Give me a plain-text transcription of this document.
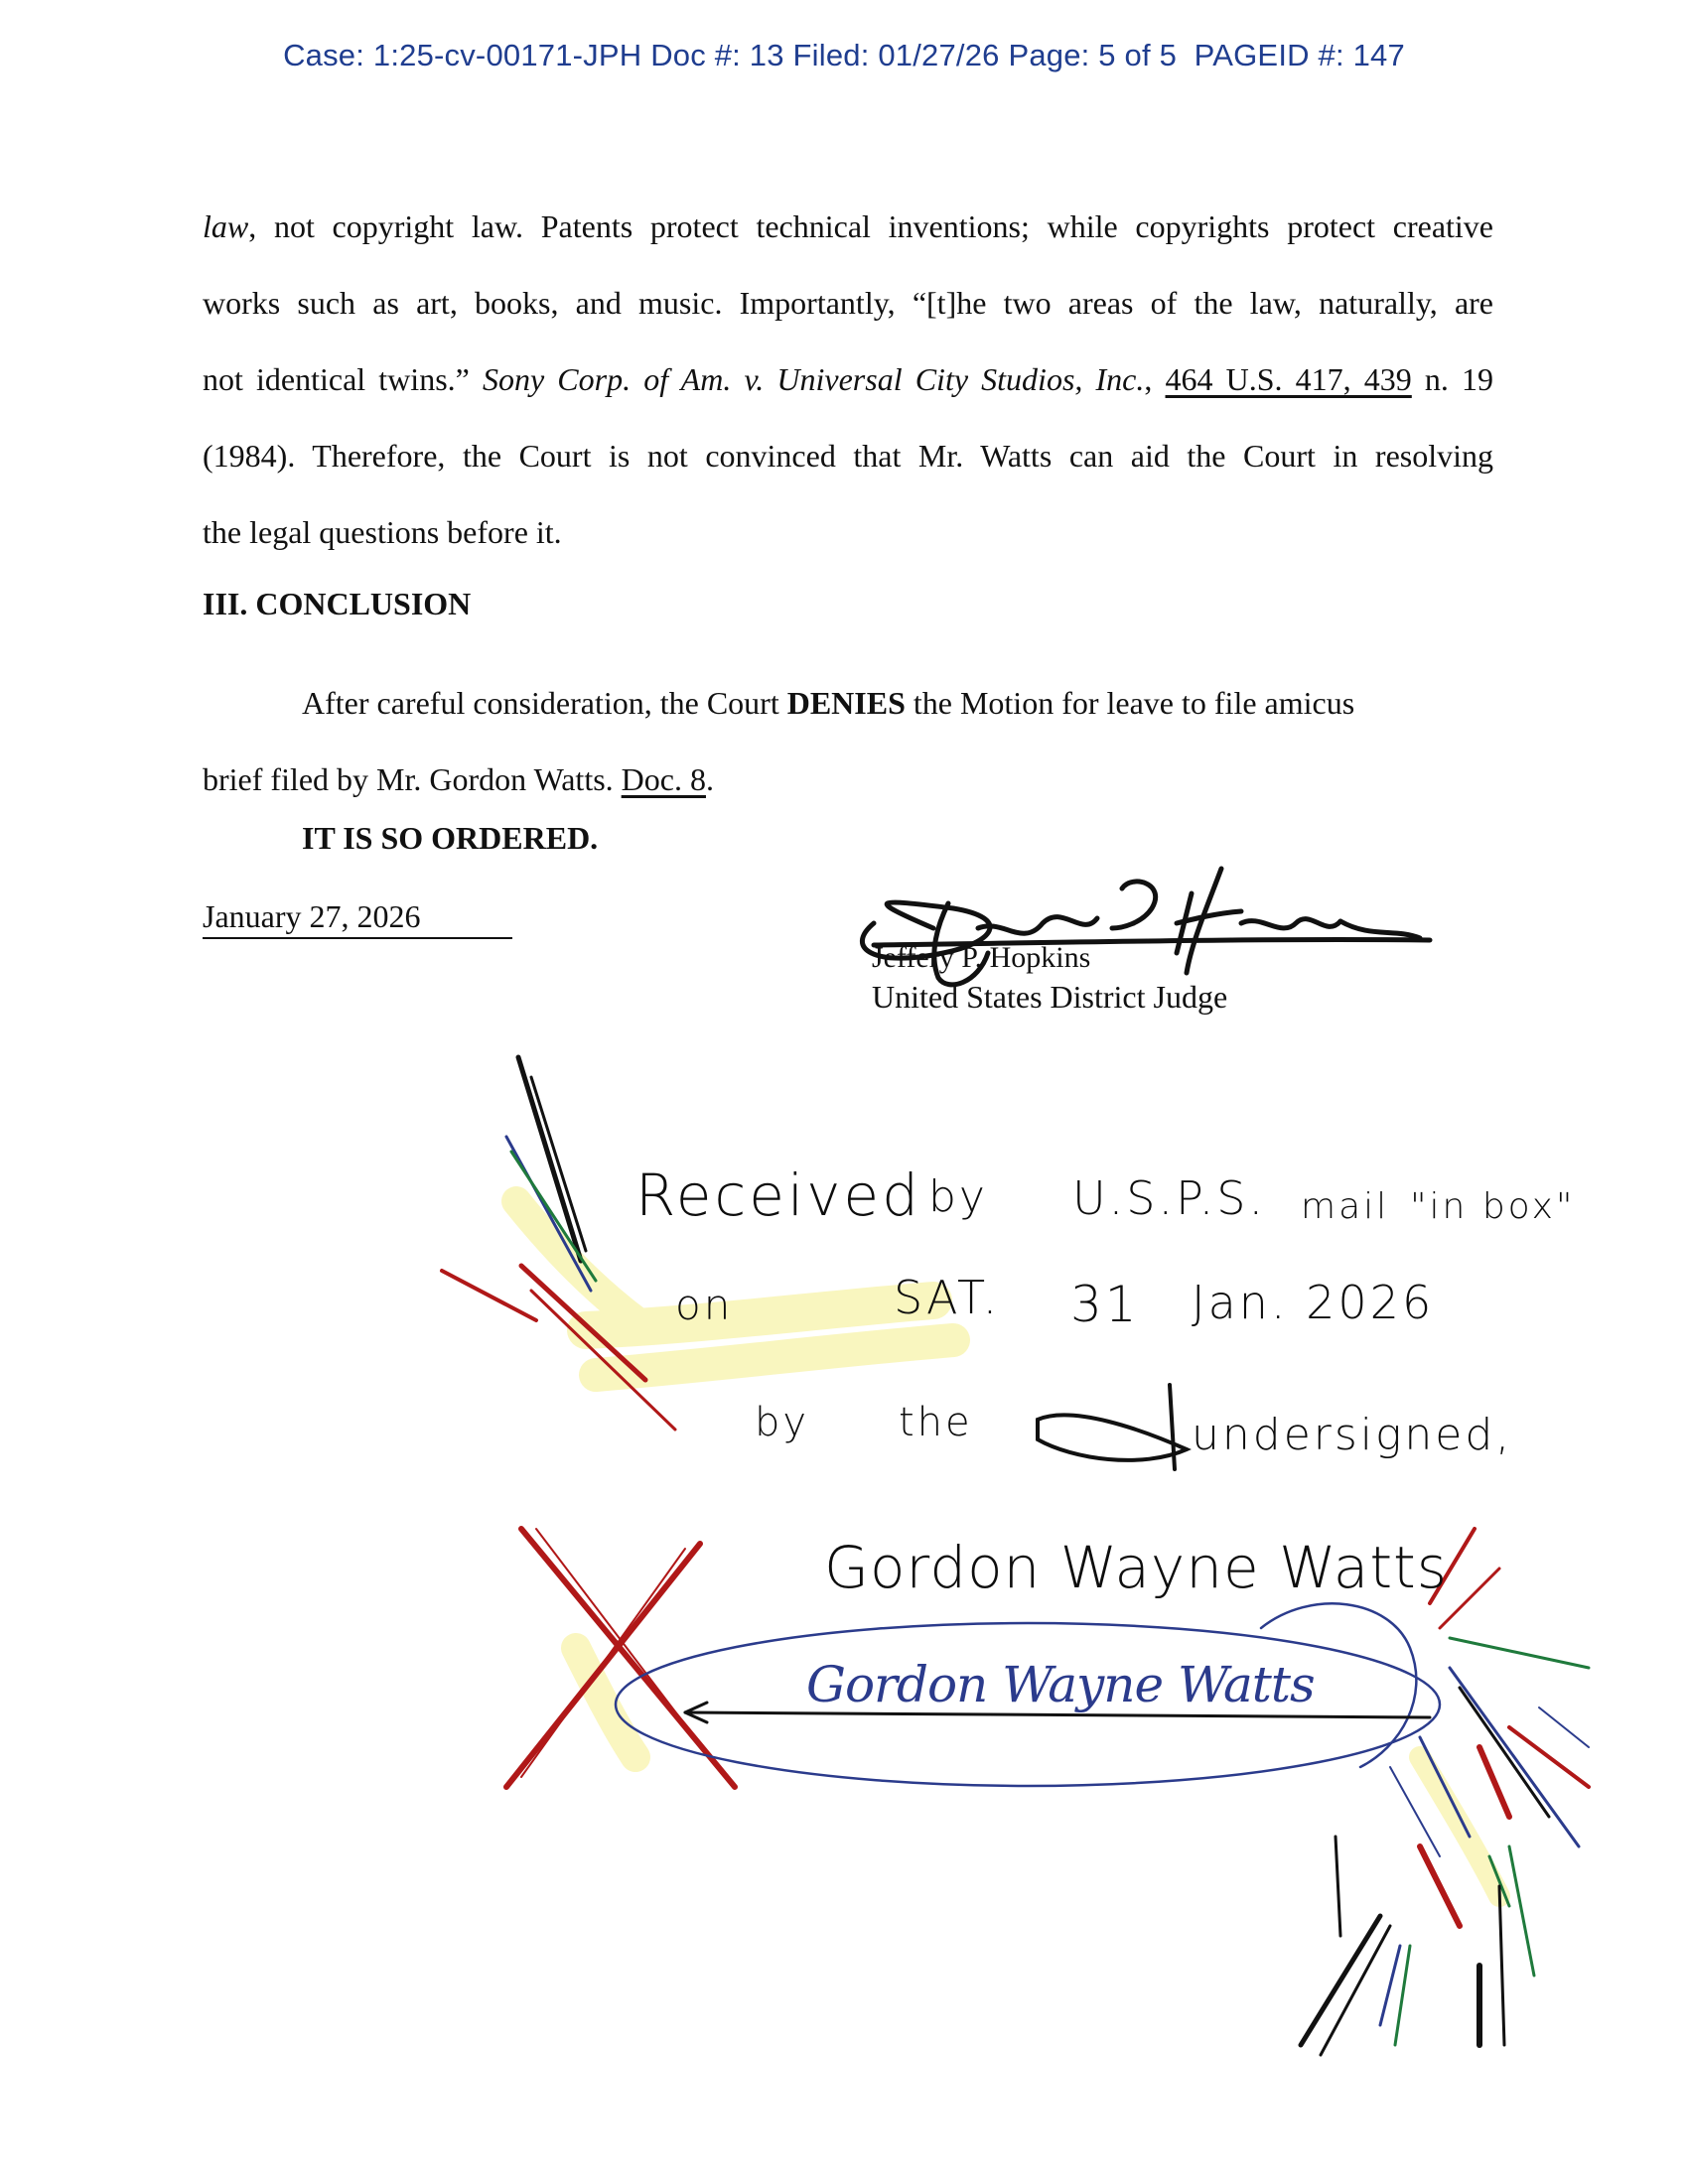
Case: 1:25-cv-00171-JPH Doc #: 13 Filed: 01/27/26 Page: 5 of 5 PAGEID #: 147
law, not copyright law. Patents protect technical inventions; while copyrights protect creative
works such as art, books, and music. Importantly, “[t]he two areas of the law, naturally, are
not identical twins.” Sony Corp. of Am. v. Universal City Studios, Inc., 464 U.S. 417, 439 n. 19
(1984). Therefore, the Court is not convinced that Mr. Watts can aid the Court in resolving
the legal questions before it.
III. CONCLUSION
After careful consideration, the Court DENIES the Motion for leave to file amicus
brief filed by Mr. Gordon Watts. Doc. 8.
IT IS SO ORDERED.
January 27, 2026
Jeffery P. Hopkins
United States District Judge
Received by U.S.P.S. mail "in box"
on	SAT. 31 Jan. 2026
by the	undersigned,
Gordon Wayne Watts
Gordon Wayne Watts
